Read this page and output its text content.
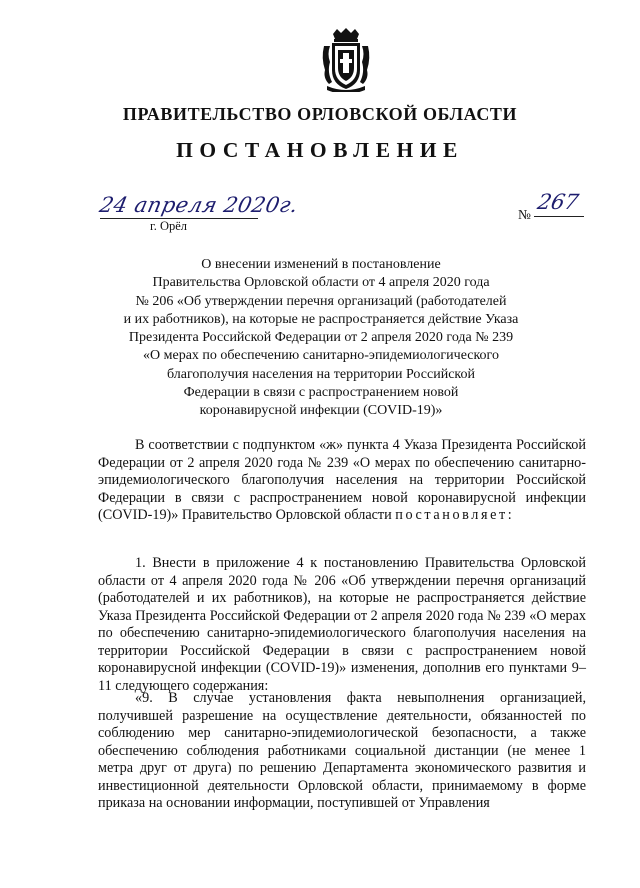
ПРАВИТЕЛЬСТВО ОРЛОВСКОЙ ОБЛАСТИ
ПОСТАНОВЛЕНИЕ
24 апреля 2020г.
г. Орёл
№
267
О внесении изменений в постановление
Правительства Орловской области от 4 апреля 2020 года
№ 206 «Об утверждении перечня организаций (работодателей
и их работников), на которые не распространяется действие Указа
Президента Российской Федерации от 2 апреля 2020 года № 239
«О мерах по обеспечению санитарно-эпидемиологического
благополучия населения на территории Российской
Федерации в связи с распространением новой
коронавирусной инфекции (COVID-19)»
В соответствии с подпунктом «ж» пункта 4 Указа Президента Российской Федерации от 2 апреля 2020 года № 239 «О мерах по обеспечению санитарно-эпидемиологического благополучия населения на территории Российской Федерации в связи с распространением новой коронавирусной инфекции (COVID-19)» Правительство Орловской области постановляет:
1. Внести в приложение 4 к постановлению Правительства Орловской области от 4 апреля 2020 года № 206 «Об утверждении перечня организаций (работодателей и их работников), на которые не распространяется действие Указа Президента Российской Федерации от 2 апреля 2020 года № 239 «О мерах по обеспечению санитарно-эпидемиологического благополучия населения на территории Российской Федерации в связи с распространением новой коронавирусной инфекции (COVID-19)» изменения, дополнив его пунктами 9–11 следующего содержания:
«9. В случае установления факта невыполнения организацией, получившей разрешение на осуществление деятельности, обязанностей по соблюдению мер санитарно-эпидемиологической безопасности, а также обеспечению соблюдения работниками социальной дистанции (не менее 1 метра друг от друга) по решению Департамента экономического развития и инвестиционной деятельности Орловской области, принимаемому в форме приказа на основании информации, поступившей от Управления
